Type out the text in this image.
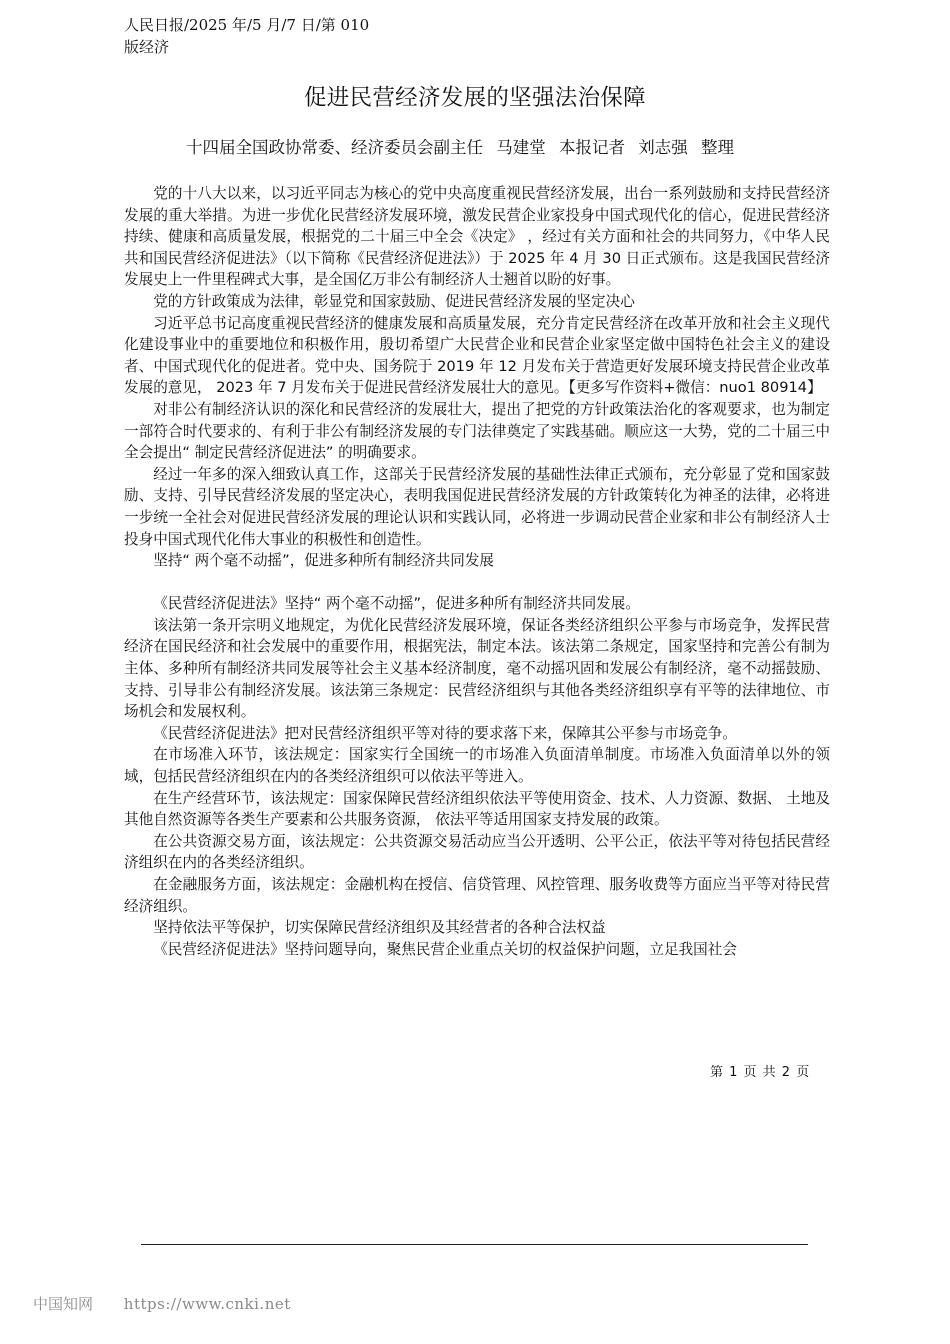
人民日报/2025 年/5 月/7 日/第 010
版经济
促进民营经济发展的坚强法治保障
十四届全国政协常委、经济委员会副主任 马建堂 本报记者 刘志强 整理

党的十八大以来，以习近平同志为核心的党中央高度重视民营经济发展，出台一系列鼓励和支持民营经济发展的重大举措。为进一步优化民营经济发展环境，激发民营企业家投身中国式现代化的信心，促进民营经济持续、健康和高质量发展，根据党的二十届三中全会《决定》 ，经过有关方面和社会的共同努力，《中华人民共和国民营经济促进法》（以下简称《民营经济促进法》）于 2025 年 4 月 30 日正式颁布。这是我国民营经济发展史上一件里程碑式大事，是全国亿万非公有制经济人士翘首以盼的好事。

党的方针政策成为法律，彰显党和国家鼓励、促进民营经济发展的坚定决心

习近平总书记高度重视民营经济的健康发展和高质量发展，充分肯定民营经济在改革开放和社会主义现代化建设事业中的重要地位和积极作用，殷切希望广大民营企业和民营企业家坚定做中国特色社会主义的建设者、中国式现代化的促进者。党中央、国务院于 2019 年 12 月发布关于营造更好发展环境支持民营企业改革发展的意见， 2023 年 7 月发布关于促进民营经济发展壮大的意见。【更多写作资料+微信：nuo1 80914】

对非公有制经济认识的深化和民营经济的发展壮大，提出了把党的方针政策法治化的客观要求，也为制定一部符合时代要求的、有利于非公有制经济发展的专门法律奠定了实践基础。顺应这一大势，党的二十届三中全会提出“ 制定民营经济促进法” 的明确要求。

经过一年多的深入细致认真工作，这部关于民营经济发展的基础性法律正式颁布，充分彰显了党和国家鼓励、支持、引导民营经济发展的坚定决心，表明我国促进民营经济发展的方针政策转化为神圣的法律，必将进一步统一全社会对促进民营经济发展的理论认识和实践认同，必将进一步调动民营企业家和非公有制经济人士投身中国式现代化伟大事业的积极性和创造性。

坚持“ 两个毫不动摇”，促进多种所有制经济共同发展

《民营经济促进法》坚持“ 两个毫不动摇”，促进多种所有制经济共同发展。

该法第一条开宗明义地规定，为优化民营经济发展环境，保证各类经济组织公平参与市场竞争，发挥民营经济在国民经济和社会发展中的重要作用，根据宪法，制定本法。该法第二条规定，国家坚持和完善公有制为主体、多种所有制经济共同发展等社会主义基本经济制度，毫不动摇巩固和发展公有制经济，毫不动摇鼓励、支持、引导非公有制经济发展。该法第三条规定：民营经济组织与其他各类经济组织享有平等的法律地位、市场机会和发展权利。

《民营经济促进法》把对民营经济组织平等对待的要求落下来，保障其公平参与市场竞争。

在市场准入环节，该法规定：国家实行全国统一的市场准入负面清单制度。市场准入负面清单以外的领域，包括民营经济组织在内的各类经济组织可以依法平等进入。

在生产经营环节，该法规定：国家保障民营经济组织依法平等使用资金、技术、人力资源、数据、 土地及其他自然资源等各类生产要素和公共服务资源， 依法平等适用国家支持发展的政策。

在公共资源交易方面，该法规定：公共资源交易活动应当公开透明、公平公正，依法平等对待包括民营经济组织在内的各类经济组织。

在金融服务方面，该法规定：金融机构在授信、信贷管理、风控管理、服务收费等方面应当平等对待民营经济组织。

坚持依法平等保护，切实保障民营经济组织及其经营者的各种合法权益

《民营经济促进法》坚持问题导向，聚焦民营企业重点关切的权益保护问题，立足我国社会

第 1 页 共 2 页
中国知网 https://www.cnki.net
